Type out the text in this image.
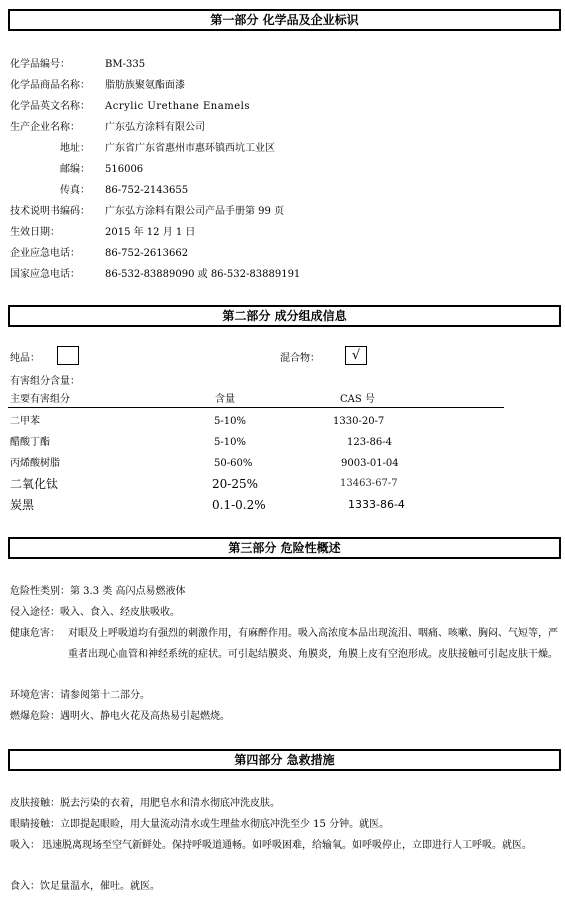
第一部分 化学品及企业标识
化学品编号：	BM-335
化学品商品名称： 脂肪族聚氨酯面漆
化学品英文名称： Acrylic Urethane Enamels
生产企业名称：	广东弘方涂料有限公司
地址： 广东省广东省惠州市惠环镇西坑工业区
邮编： 516006
传真： 86-752-2143655
技术说明书编码： 广东弘方涂料有限公司产品手册第 99 页
生效日期：	2015 年 12 月 1 日
企业应急电话：	86-752-2613662
国家应急电话：	86-532-83889090 或 86-532-83889191
第二部分 成分组成信息
纯品：	混合物：	√
有害组分含量：
主要有害组分	含量	CAS 号
二甲苯	5-10%	1330-20-7
醋酸丁酯	5-10%	123-86-4
丙烯酸树脂	50-60%	9003-01-04
二氧化钛	20-25%	13463-67-7
炭黑	0.1-0.2%	1333-86-4
第三部分 危险性概述
危险性类别：第 3.3 类 高闪点易燃液体
侵入途径：吸入、食入、经皮肤吸收。
健康危害： 对眼及上呼吸道均有强烈的刺激作用，有麻醉作用。吸入高浓度本品出现流泪、咽痛、咳嗽、胸闷、气短等，严重者出现心血管和神经系统的症状。可引起结膜炎、角膜炎，角膜上皮有空泡形成。皮肤接触可引起皮肤干燥。
环境危害：请参阅第十二部分。
燃爆危险：遇明火、静电火花及高热易引起燃烧。
第四部分 急救措施
皮肤接触：脱去污染的衣着，用肥皂水和清水彻底冲洗皮肤。
眼睛接触：立即提起眼睑，用大量流动清水或生理盐水彻底冲洗至少 15 分钟。就医。
吸入： 迅速脱离现场至空气新鲜处。保持呼吸道通畅。如呼吸困难，给输氧。如呼吸停止，立即进行人工呼吸。就医。
食入：饮足量温水，催吐。就医。
